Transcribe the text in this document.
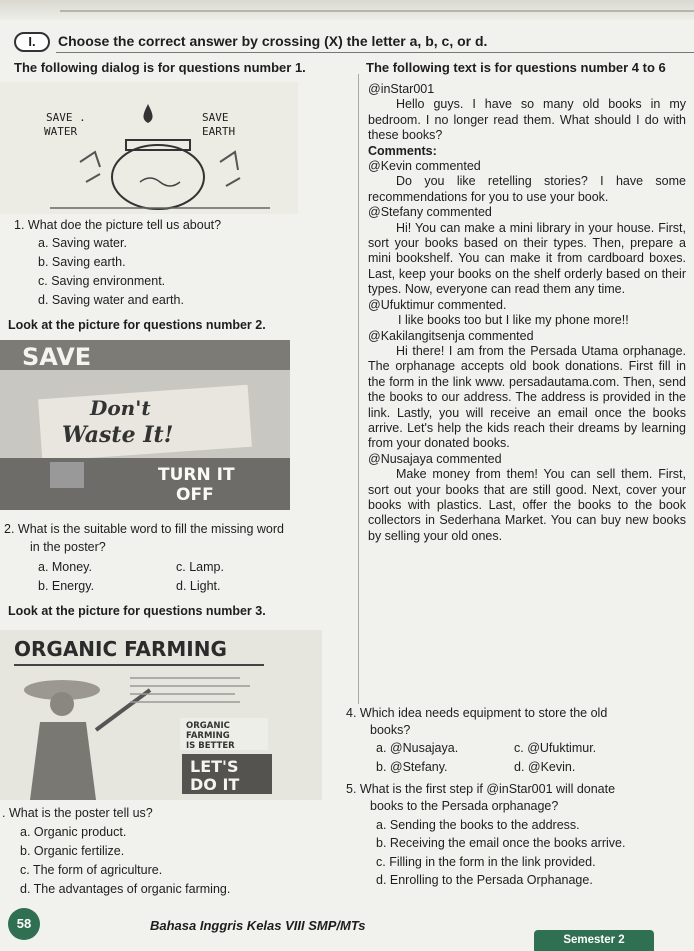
I.	Choose the correct answer by crossing (X) the letter a, b, c, or d.
The following dialog is for questions number 1.	The following text is for questions number 4 to 6
SAVE .
WATER
SAVE
EARTH
1. What doe the picture tell us about?
a. Saving water.
b. Saving earth.
c. Saving environment.
d. Saving water and earth.
Look at the picture for questions number 2.
SAVE
Don't
Waste It!
TURN IT
OFF
2. What is the suitable word to fill the missing word
in the poster?
a. Money.	c. Lamp.
b. Energy.	d. Light.
Look at the picture for questions number 3.
ORGANIC FARMING
ORGANIC
FARMING
IS BETTER
LET'S
DO IT
. What is the poster tell us?
a. Organic product.
b. Organic fertilize.
c. The form of agriculture.
d. The advantages of organic farming.

@inStar001

Hello guys. I have so many old books in my bedroom. I no longer read them. What should I do with these books?

Comments:

@Kevin commented

Do you like retelling stories? I have some recommendations for you to use your book.

@Stefany commented

Hi! You can make a mini library in your house. First, sort your books based on their types. Then, prepare a mini bookshelf. You can make it from cardboard boxes. Last, keep your books on the shelf orderly based on their types. Now, everyone can read them any time.

@Ufuktimur commented.

I like books too but I like my phone more!!

@Kakilangitsenja commented

Hi there! I am from the Persada Utama orphanage. The orphanage accepts old book donations. First fill in the form in the link www. persadautama.com. Then, send the books to our address. The address is provided in the link. Lastly, you will receive an email once the books arrive. Let's help the kids reach their dreams by learning from your donated books.

@Nusajaya commented

Make money from them! You can sell them. First, sort out your books that are still good. Next, cover your books with plastics. Last, offer the books to the book collectors in Sederhana Market. You can buy new books by selling your old ones.

4. Which idea needs equipment to store the old
books?
a. @Nusajaya.	c. @Ufuktimur.
b. @Stefany.	d. @Kevin.
5. What is the first step if @inStar001 will donate
books to the Persada orphanage?
a. Sending the books to the address.
b. Receiving the email once the books arrive.
c. Filling in the form in the link provided.
d. Enrolling to the Persada Orphanage.
58	Bahasa Inggris Kelas VIII SMP/MTs
Semester 2
